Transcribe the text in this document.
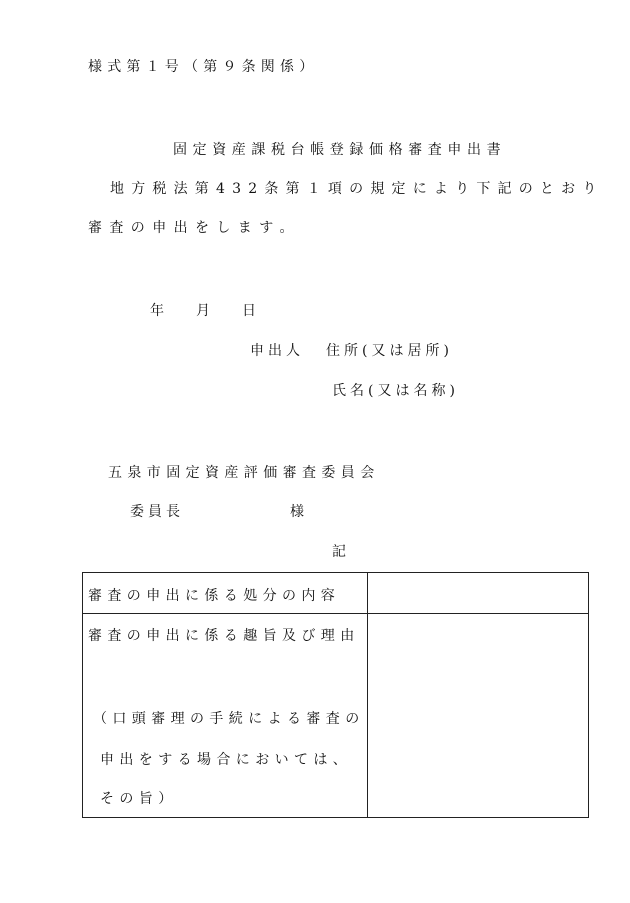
様式第１号（第９条関係）
固定資産課税台帳登録価格審査申出書
地方税法第432条第１項の規定により下記のとおり
審査の申出をします。
年 月 日
申出人 住所(又は居所)
氏名(又は名称)
五泉市固定資産評価審査委員会
委員長	様
記
審査の申出に係る処分の内容	

審査の申出に係る趣旨及び理由
（口頭審理の手続による審査の
申出をする場合においては、
その旨）	
